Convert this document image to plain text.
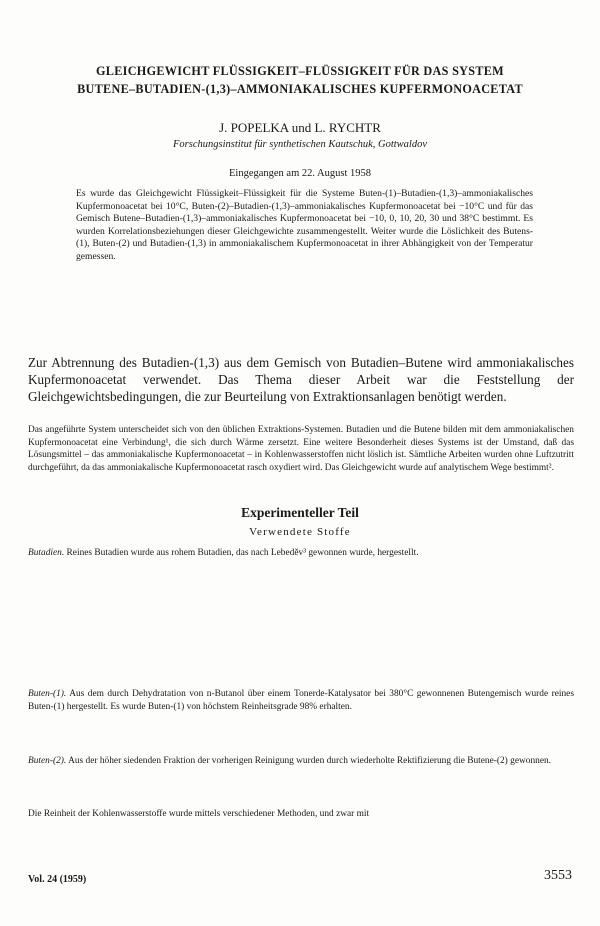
GLEICHGEWICHT FLÜSSIGKEIT–FLÜSSIGKEIT FÜR DAS SYSTEM
BUTENE–BUTADIEN-(1,3)–AMMONIAKALISCHES KUPFERMONOACETAT
J. POPELKA und L. RYCHTR
Forschungsinstitut für synthetischen Kautschuk, Gottwaldov
Eingegangen am 22. August 1958

Es wurde das Gleichgewicht Flüssigkeit–Flüssigkeit für die Systeme Buten-(1)–Butadien-(1,3)–ammoniakalisches Kupfermonoacetat bei 10°C, Buten-(2)–Butadien-(1,3)–ammoniakalisches Kupfermonoacetat bei −10°C und für das Gemisch Butene–Butadien-(1,3)–ammoniakalisches Kupfermonoacetat bei −10, 0, 10, 20, 30 und 38°C bestimmt. Es wurden Korrelationsbeziehungen dieser Gleichgewichte zusammengestellt. Weiter wurde die Löslichkeit des Butens-(1), Buten-(2) und Butadien-(1,3) in ammoniakalischem Kupfermonoacetat in ihrer Abhängigkeit von der Temperatur gemessen.

Zur Abtrennung des Butadien-(1,3) aus dem Gemisch von Butadien–Butene wird ammoniakalisches Kupfermonoacetat verwendet. Das Thema dieser Arbeit war die Feststellung der Gleichgewichtsbedingungen, die zur Beurteilung von Extraktionsanlagen benötigt werden.

Das angeführte System unterscheidet sich von den üblichen Extraktions-Systemen. Butadien und die Butene bilden mit dem ammoniakalischen Kupfermonoacetat eine Verbindung¹, die sich durch Wärme zersetzt. Eine weitere Besonderheit dieses Systems ist der Umstand, daß das Lösungsmittel – das ammoniakalische Kupfermonoacetat – in Kohlenwasserstoffen nicht löslich ist. Sämtliche Arbeiten wurden ohne Luftzutritt durchgeführt, da das ammoniakalische Kupfermonoacetat rasch oxydiert wird. Das Gleichgewicht wurde auf analytischem Wege bestimmt².

Experimenteller Teil
Verwendete Stoffe

Butadien. Reines Butadien wurde aus rohem Butadien, das nach Lebeděv³ gewonnen wurde, hergestellt.

Buten-(1). Aus dem durch Dehydratation von n-Butanol über einem Tonerde-Katalysator bei 380°C gewonnenen Butengemisch wurde reines Buten-(1) hergestellt. Es wurde Buten-(1) von höchstem Reinheitsgrade 98% erhalten.

Buten-(2). Aus der höher siedenden Fraktion der vorherigen Reinigung wurden durch wiederholte Rektifizierung die Butene-(2) gewonnen.

Die Reinheit der Kohlenwasserstoffe wurde mittels verschiedener Methoden, und zwar mit

Vol. 24 (1959)	3553
